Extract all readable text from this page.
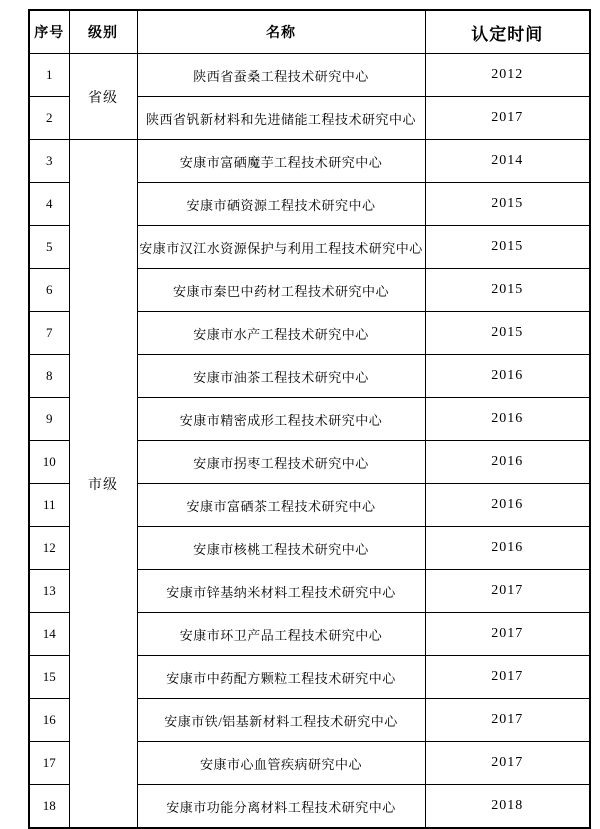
序号	级别	名称	认定时间
1	省级	陕西省蚕桑工程技术研究中心	2012
2		陕西省钒新材料和先进储能工程技术研究中心	2017
3	市级	安康市富硒魔芋工程技术研究中心	2014
4		安康市硒资源工程技术研究中心	2015
5		安康市汉江水资源保护与利用工程技术研究中心	2015
6		安康市秦巴中药材工程技术研究中心	2015
7		安康市水产工程技术研究中心	2015
8		安康市油茶工程技术研究中心	2016
9		安康市精密成形工程技术研究中心	2016
10		安康市拐枣工程技术研究中心	2016
11		安康市富硒茶工程技术研究中心	2016
12		安康市核桃工程技术研究中心	2016
13		安康市锌基纳米材料工程技术研究中心	2017
14		安康市环卫产品工程技术研究中心	2017
15		安康市中药配方颗粒工程技术研究中心	2017
16		安康市铁/铝基新材料工程技术研究中心	2017
17		安康市心血管疾病研究中心	2017
18		安康市功能分离材料工程技术研究中心	2018
